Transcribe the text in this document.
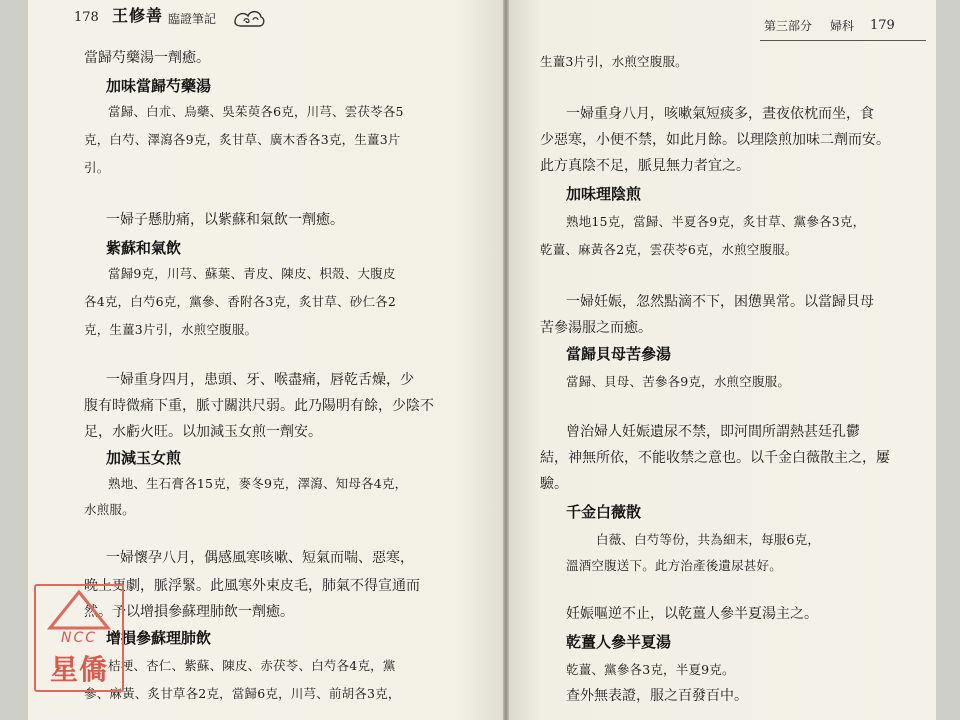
178 王修善 臨證筆記
當歸芍藥湯一劑癒。
加味當歸芍藥湯
當歸、白朮、烏藥、吳茱萸各6克，川芎、雲茯苓各5
克，白芍、澤瀉各9克，炙甘草、廣木香各3克，生薑3片
引。
一婦子懸肋痛，以紫蘇和氣飲一劑癒。
紫蘇和氣飲
當歸9克，川芎、蘇葉、青皮、陳皮、枳殼、大腹皮
各4克，白芍6克，黨參、香附各3克，炙甘草、砂仁各2
克，生薑3片引，水煎空腹服。
一婦重身四月，患頭、牙、喉盡痛，唇乾舌燥，少
腹有時微痛下重，脈寸關洪尺弱。此乃陽明有餘，少陰不
足，水虧火旺。以加減玉女煎一劑安。
加減玉女煎
熟地、生石膏各15克，麥冬9克，澤瀉、知母各4克，
水煎服。
一婦懷孕八月，偶感風寒咳嗽、短氣而喘、惡寒，
晚上更劇，脈浮緊。此風寒外束皮毛，肺氣不得宣通而
然。予以增損參蘇理肺飲一劑癒。
增損參蘇理肺飲
桔梗、杏仁、紫蘇、陳皮、赤茯苓、白芍各4克，黨
參、麻黃、炙甘草各2克，當歸6克，川芎、前胡各3克，
第三部分 婦科 179
生薑3片引，水煎空腹服。
一婦重身八月，咳嗽氣短痰多，晝夜依枕而坐，食
少惡寒，小便不禁，如此月餘。以理陰煎加味二劑而安。
此方真陰不足，脈見無力者宜之。
加味理陰煎
熟地15克，當歸、半夏各9克，炙甘草、黨參各3克，
乾薑、麻黃各2克，雲茯苓6克，水煎空腹服。
一婦妊娠，忽然點滴不下，困憊異常。以當歸貝母
苦參湯服之而癒。
當歸貝母苦參湯
當歸、貝母、苦參各9克，水煎空腹服。
曾治婦人妊娠遺尿不禁，即河間所謂熱甚廷孔鬱
結，神無所依，不能收禁之意也。以千金白薇散主之，屢
驗。
千金白薇散
白薇、白芍等份，共為細末，每服6克，
溫酒空腹送下。此方治產後遺尿甚好。
妊娠嘔逆不止，以乾薑人參半夏湯主之。
乾薑人參半夏湯
乾薑、黨參各3克，半夏9克。
查外無表證，服之百發百中。
NCC
星僑
